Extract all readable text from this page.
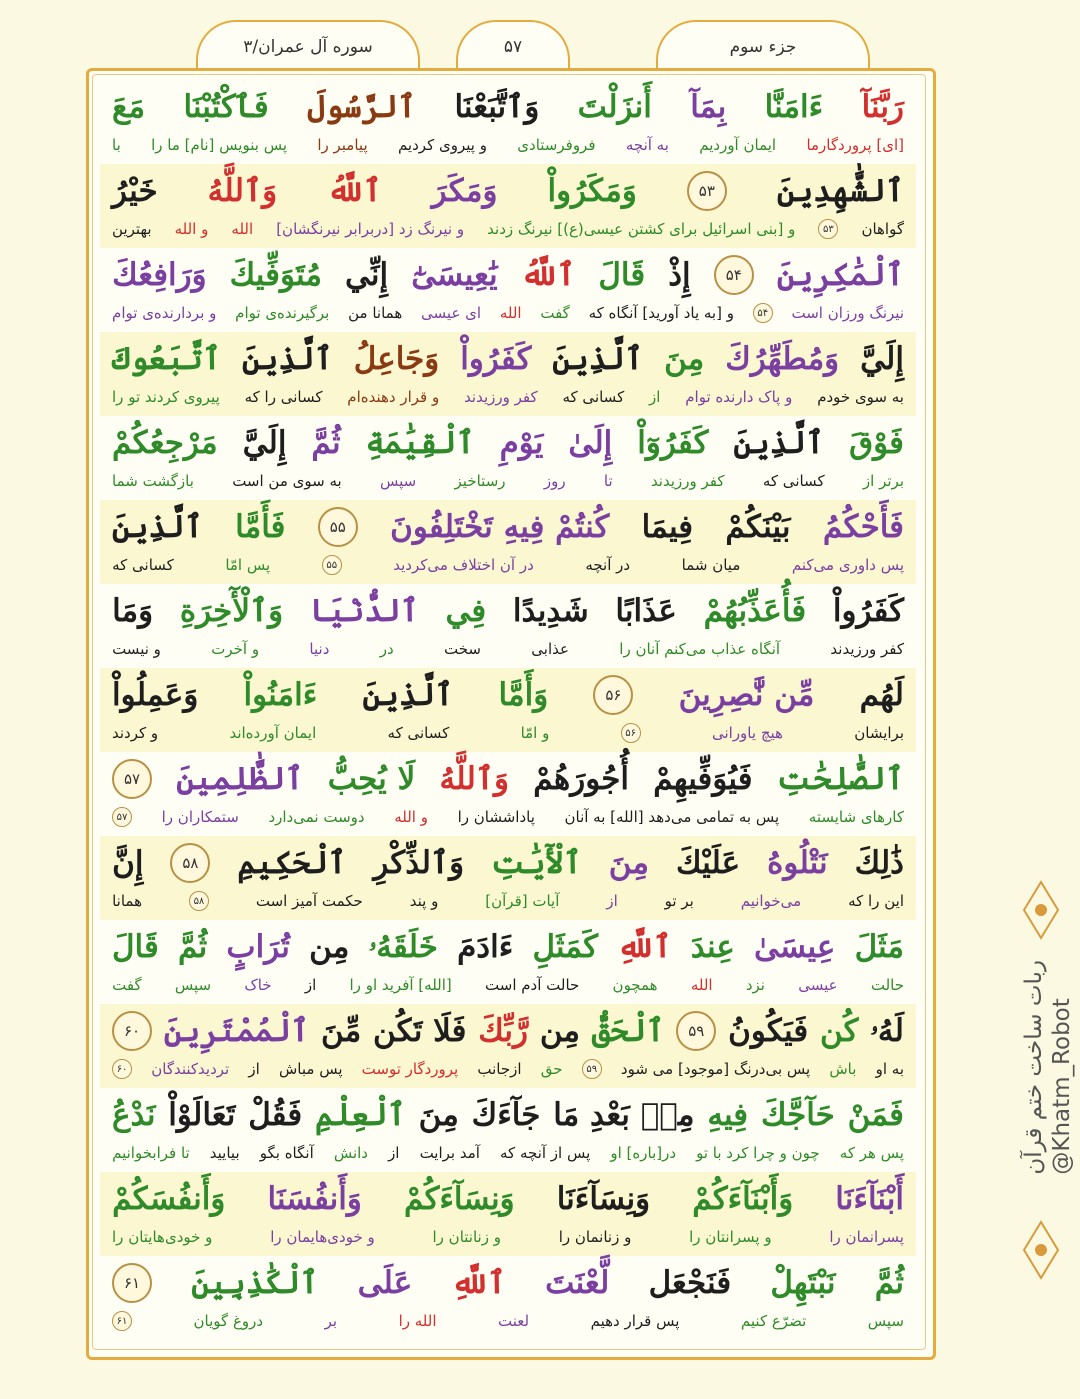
سوره آل عمران/۳	۵۷	جزء سوم
رَبَّنَآ
ءَامَنَّا
بِمَآ
أَنزَلْتَ
وَٱتَّبَعْنَا
ٱلرَّسُولَ
فَٱكْتُبْنَا
مَعَ
[ای] پروردگارما
ایمان آوردیم
به آنچه
فروفرستادی
و پیروی کردیم
پیامبر را
پس بنویس [نام] ما را
با
ٱلشَّٰهِدِينَ
۵۳
وَمَكَرُواْ
وَمَكَرَ
ٱللَّهُ
وَٱللَّهُ
خَيْرُ
گواهان
۵۳
و [بنی اسرائیل برای کشتن عیسی(ع)] نیرنگ زدند
و نیرنگ زد [دربرابر نیرنگشان]
الله
و الله
بهترین
ٱلْمَٰكِرِينَ
۵۴
إِذْ
قَالَ
ٱللَّهُ
يَٰعِيسَىٰٓ
إِنِّي
مُتَوَفِّيكَ
وَرَافِعُكَ
نیرنگ ورزان است
۵۴
و [به یاد آورید] آنگاه که
گفت
الله
ای عیسی
همانا من
برگیرنده‌ی توام
و بردارنده‌ی توام
إِلَيَّ
وَمُطَهِّرُكَ
مِنَ
ٱلَّذِينَ
كَفَرُواْ
وَجَاعِلُ
ٱلَّذِينَ
ٱتَّبَعُوكَ
به سوی خودم
و پاک دارنده توام
از
کسانی که
کفر ورزیدند
و قرار دهنده‌ام
کسانی را که
پیروی کردند تو را
فَوْقَ
ٱلَّذِينَ
كَفَرُوٓاْ
إِلَىٰ
يَوْمِ
ٱلْقِيَٰمَةِ
ثُمَّ
إِلَيَّ
مَرْجِعُكُمْ
برتر از
کسانی که
کفر ورزیدند
تا
روز
رستاخیز
سپس
به سوی من است
بازگشت شما
فَأَحْكُمُ
بَيْنَكُمْ
فِيمَا
كُنتُمْ فِيهِ تَخْتَلِفُونَ
۵۵
فَأَمَّا
ٱلَّذِينَ
پس داوری می‌کنم
میان شما
در آنچه
در آن اختلاف می‌کردید
۵۵
پس امّا
کسانی که
كَفَرُواْ
فَأُعَذِّبُهُمْ
عَذَابًا
شَدِيدًا
فِي
ٱلدُّنْيَا
وَٱلْأٓخِرَةِ
وَمَا
کفر ورزیدند
آنگاه عذاب می‌کنم آنان را
عذابی
سخت
در
دنیا
و آخرت
و نیست
لَهُم
مِّن نَّٰصِرِينَ
۵۶
وَأَمَّا
ٱلَّذِينَ
ءَامَنُواْ
وَعَمِلُواْ
برایشان
هیچ یاورانی
۵۶
و امّا
کسانی که
ایمان آورده‌اند
و کردند
ٱلصَّٰلِحَٰتِ
فَيُوَفِّيهِمْ
أُجُورَهُمْ
وَٱللَّهُ
لَا يُحِبُّ
ٱلظَّٰلِمِينَ
۵۷
کارهای شایسته
پس به تمامی می‌دهد [الله] به آنان
پاداششان را
و الله
دوست نمی‌دارد
ستمکاران را
۵۷
ذَٰلِكَ
نَتْلُوهُ
عَلَيْكَ
مِنَ
ٱلْأٓيَٰتِ
وَٱلذِّكْرِ
ٱلْحَكِيمِ
۵۸
إِنَّ
این را که
می‌خوانیم
بر تو
از
آیات [قرآن]
و پند
حکمت آمیز است
۵۸
همانا
مَثَلَ
عِيسَىٰ
عِندَ
ٱللَّهِ
كَمَثَلِ
ءَادَمَ
خَلَقَهُۥ
مِن
تُرَابٍ
ثُمَّ
قَالَ
حالت
عیسی
نزد
الله
همچون
حالت آدم است
[الله] آفرید او را
از
خاک
سپس
گفت
لَهُۥ
كُن
فَيَكُونُ
۵۹
ٱلْحَقُّ
مِن
رَّبِّكَ
فَلَا تَكُن
مِّنَ
ٱلْمُمْتَرِينَ
۶۰
به او
باش
پس بی‌درنگ [موجود] می شود
۵۹
حق
ازجانب
پروردگار توست
پس مباش
از
تردیدکنندگان
۶۰
فَمَنْ
حَآجَّكَ
فِيهِ
مِنۢ بَعْدِ مَا
جَآءَكَ
مِنَ
ٱلْعِلْمِ
فَقُلْ
تَعَالَوْاْ
نَدْعُ
پس هر که
چون و چرا کرد با تو
در[باره] او
پس از آنچه که
آمد برایت
از
دانش
آنگاه بگو
بیایید
تا فرابخوانیم
أَبْنَآءَنَا
وَأَبْنَآءَكُمْ
وَنِسَآءَنَا
وَنِسَآءَكُمْ
وَأَنفُسَنَا
وَأَنفُسَكُمْ
پسرانمان را
و پسرانتان را
و زنانمان را
و زنانتان را
و خودی‌هایمان را
و خودی‌هایتان را
ثُمَّ
نَبْتَهِلْ
فَنَجْعَل
لَّعْنَتَ
ٱللَّهِ
عَلَى
ٱلْكَٰذِبِينَ
۶۱
سپس
تضرّع کنیم
پس قرار دهیم
لعنت
الله را
بر
دروغ گویان
۶۱
ربات ساخت ختم قرآن @Khatm_Robot
